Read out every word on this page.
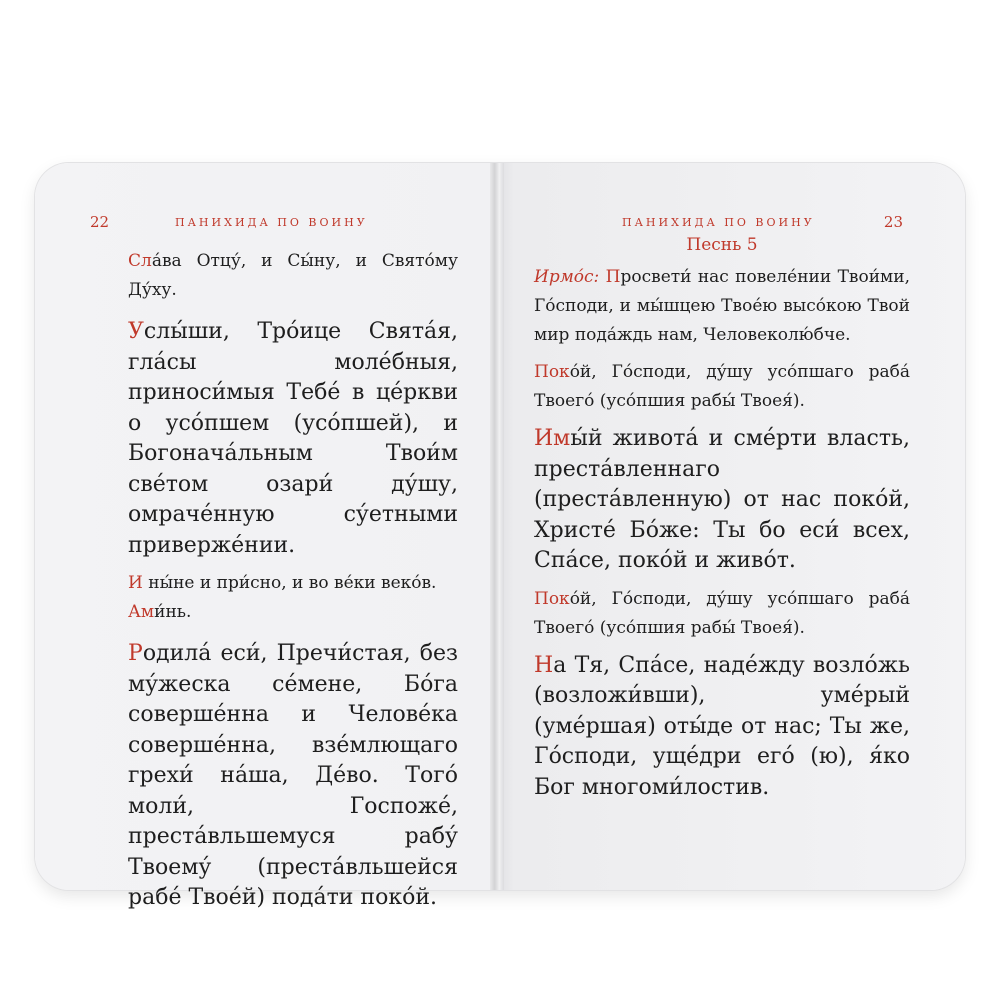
22	ПАНИХИДА ПО ВОИНУ

Сла́ва Отцу́, и Сы́ну, и Свято́му Ду́ху.

Услы́ши, Тро́ице Свята́я, гла́сы моле́бныя, приноси́мыя Тебе́ в це́ркви о усо́пшем (усо́пшей), и Богонача́льным Твои́м све́том озари́ ду́шу, омраче́нную су́етными привержéнии.

И ны́не и при́сно, и во ве́ки веко́в.

Ами́нь.

Родила́ еси́, Пречи́стая, без му́жеска се́мене, Бо́га соверше́нна и Челове́ка соверше́нна, взе́млющаго грехи́ на́ша, Де́во. Того́ моли́, Госпоже́, преста́вльшемуся рабу́ Твоему́ (преста́вльшейся рабе́ Твое́й) пода́ти поко́й.

ПАНИХИДА ПО ВОИНУ	23
Песнь 5

Ирмо́с: Просвети́ нас повеле́нии Твои́ми, Го́споди, и мы́шцею Твое́ю высо́кою Твой мир пода́ждь нам, Человеколю́бче.

Поко́й, Го́споди, ду́шу усо́пшаго раба́ Твоего́ (усо́пшия рабы́ Твоея́).

Имы́й живота́ и сме́рти власть, преста́вленнаго (преста́вленную) от нас поко́й, Христе́ Бо́же: Ты бо еси́ всех, Спа́се, поко́й и живо́т.

Поко́й, Го́споди, ду́шу усо́пшаго раба́ Твоего́ (усо́пшия рабы́ Твоея́).

На Тя, Спа́се, наде́жду возло́жь (возложи́вши), уме́рый (уме́ршая) оты́де от нас; Ты же, Го́споди, уще́дри его́ (ю), я́ко Бог многоми́лостив.
